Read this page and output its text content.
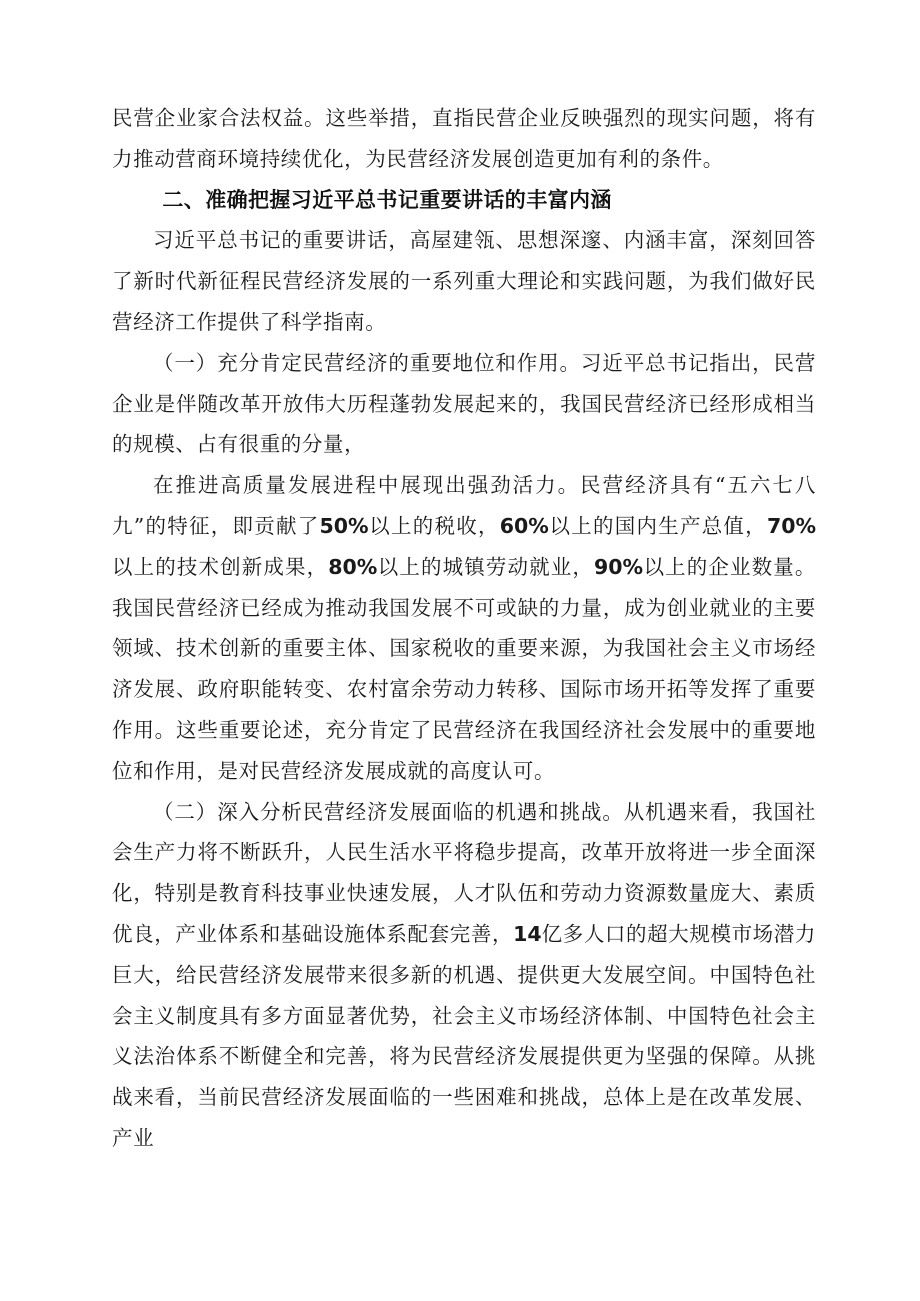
民营企业家合法权益。这些举措，直指民营企业反映强烈的现实问题，将有力推动营商环境持续优化，为民营经济发展创造更加有利的条件。

二、准确把握习近平总书记重要讲话的丰富内涵

习近平总书记的重要讲话，高屋建瓴、思想深邃、内涵丰富，深刻回答了新时代新征程民营经济发展的一系列重大理论和实践问题，为我们做好民营经济工作提供了科学指南。

（一）充分肯定民营经济的重要地位和作用。习近平总书记指出，民营企业是伴随改革开放伟大历程蓬勃发展起来的，我国民营经济已经形成相当的规模、占有很重的分量，

在推进高质量发展进程中展现出强劲活力。民营经济具有“五六七八九”的特征，即贡献了50%以上的税收，60%以上的国内生产总值，70%以上的技术创新成果，80%以上的城镇劳动就业，90%以上的企业数量。我国民营经济已经成为推动我国发展不可或缺的力量，成为创业就业的主要领域、技术创新的重要主体、国家税收的重要来源，为我国社会主义市场经济发展、政府职能转变、农村富余劳动力转移、国际市场开拓等发挥了重要作用。这些重要论述，充分肯定了民营经济在我国经济社会发展中的重要地位和作用，是对民营经济发展成就的高度认可。

（二）深入分析民营经济发展面临的机遇和挑战。从机遇来看，我国社会生产力将不断跃升，人民生活水平将稳步提高，改革开放将进一步全面深化，特别是教育科技事业快速发展，人才队伍和劳动力资源数量庞大、素质优良，产业体系和基础设施体系配套完善，14亿多人口的超大规模市场潜力巨大，给民营经济发展带来很多新的机遇、提供更大发展空间。中国特色社会主义制度具有多方面显著优势，社会主义市场经济体制、中国特色社会主义法治体系不断健全和完善，将为民营经济发展提供更为坚强的保障。从挑战来看，当前民营经济发展面临的一些困难和挑战，总体上是在改革发展、产业
